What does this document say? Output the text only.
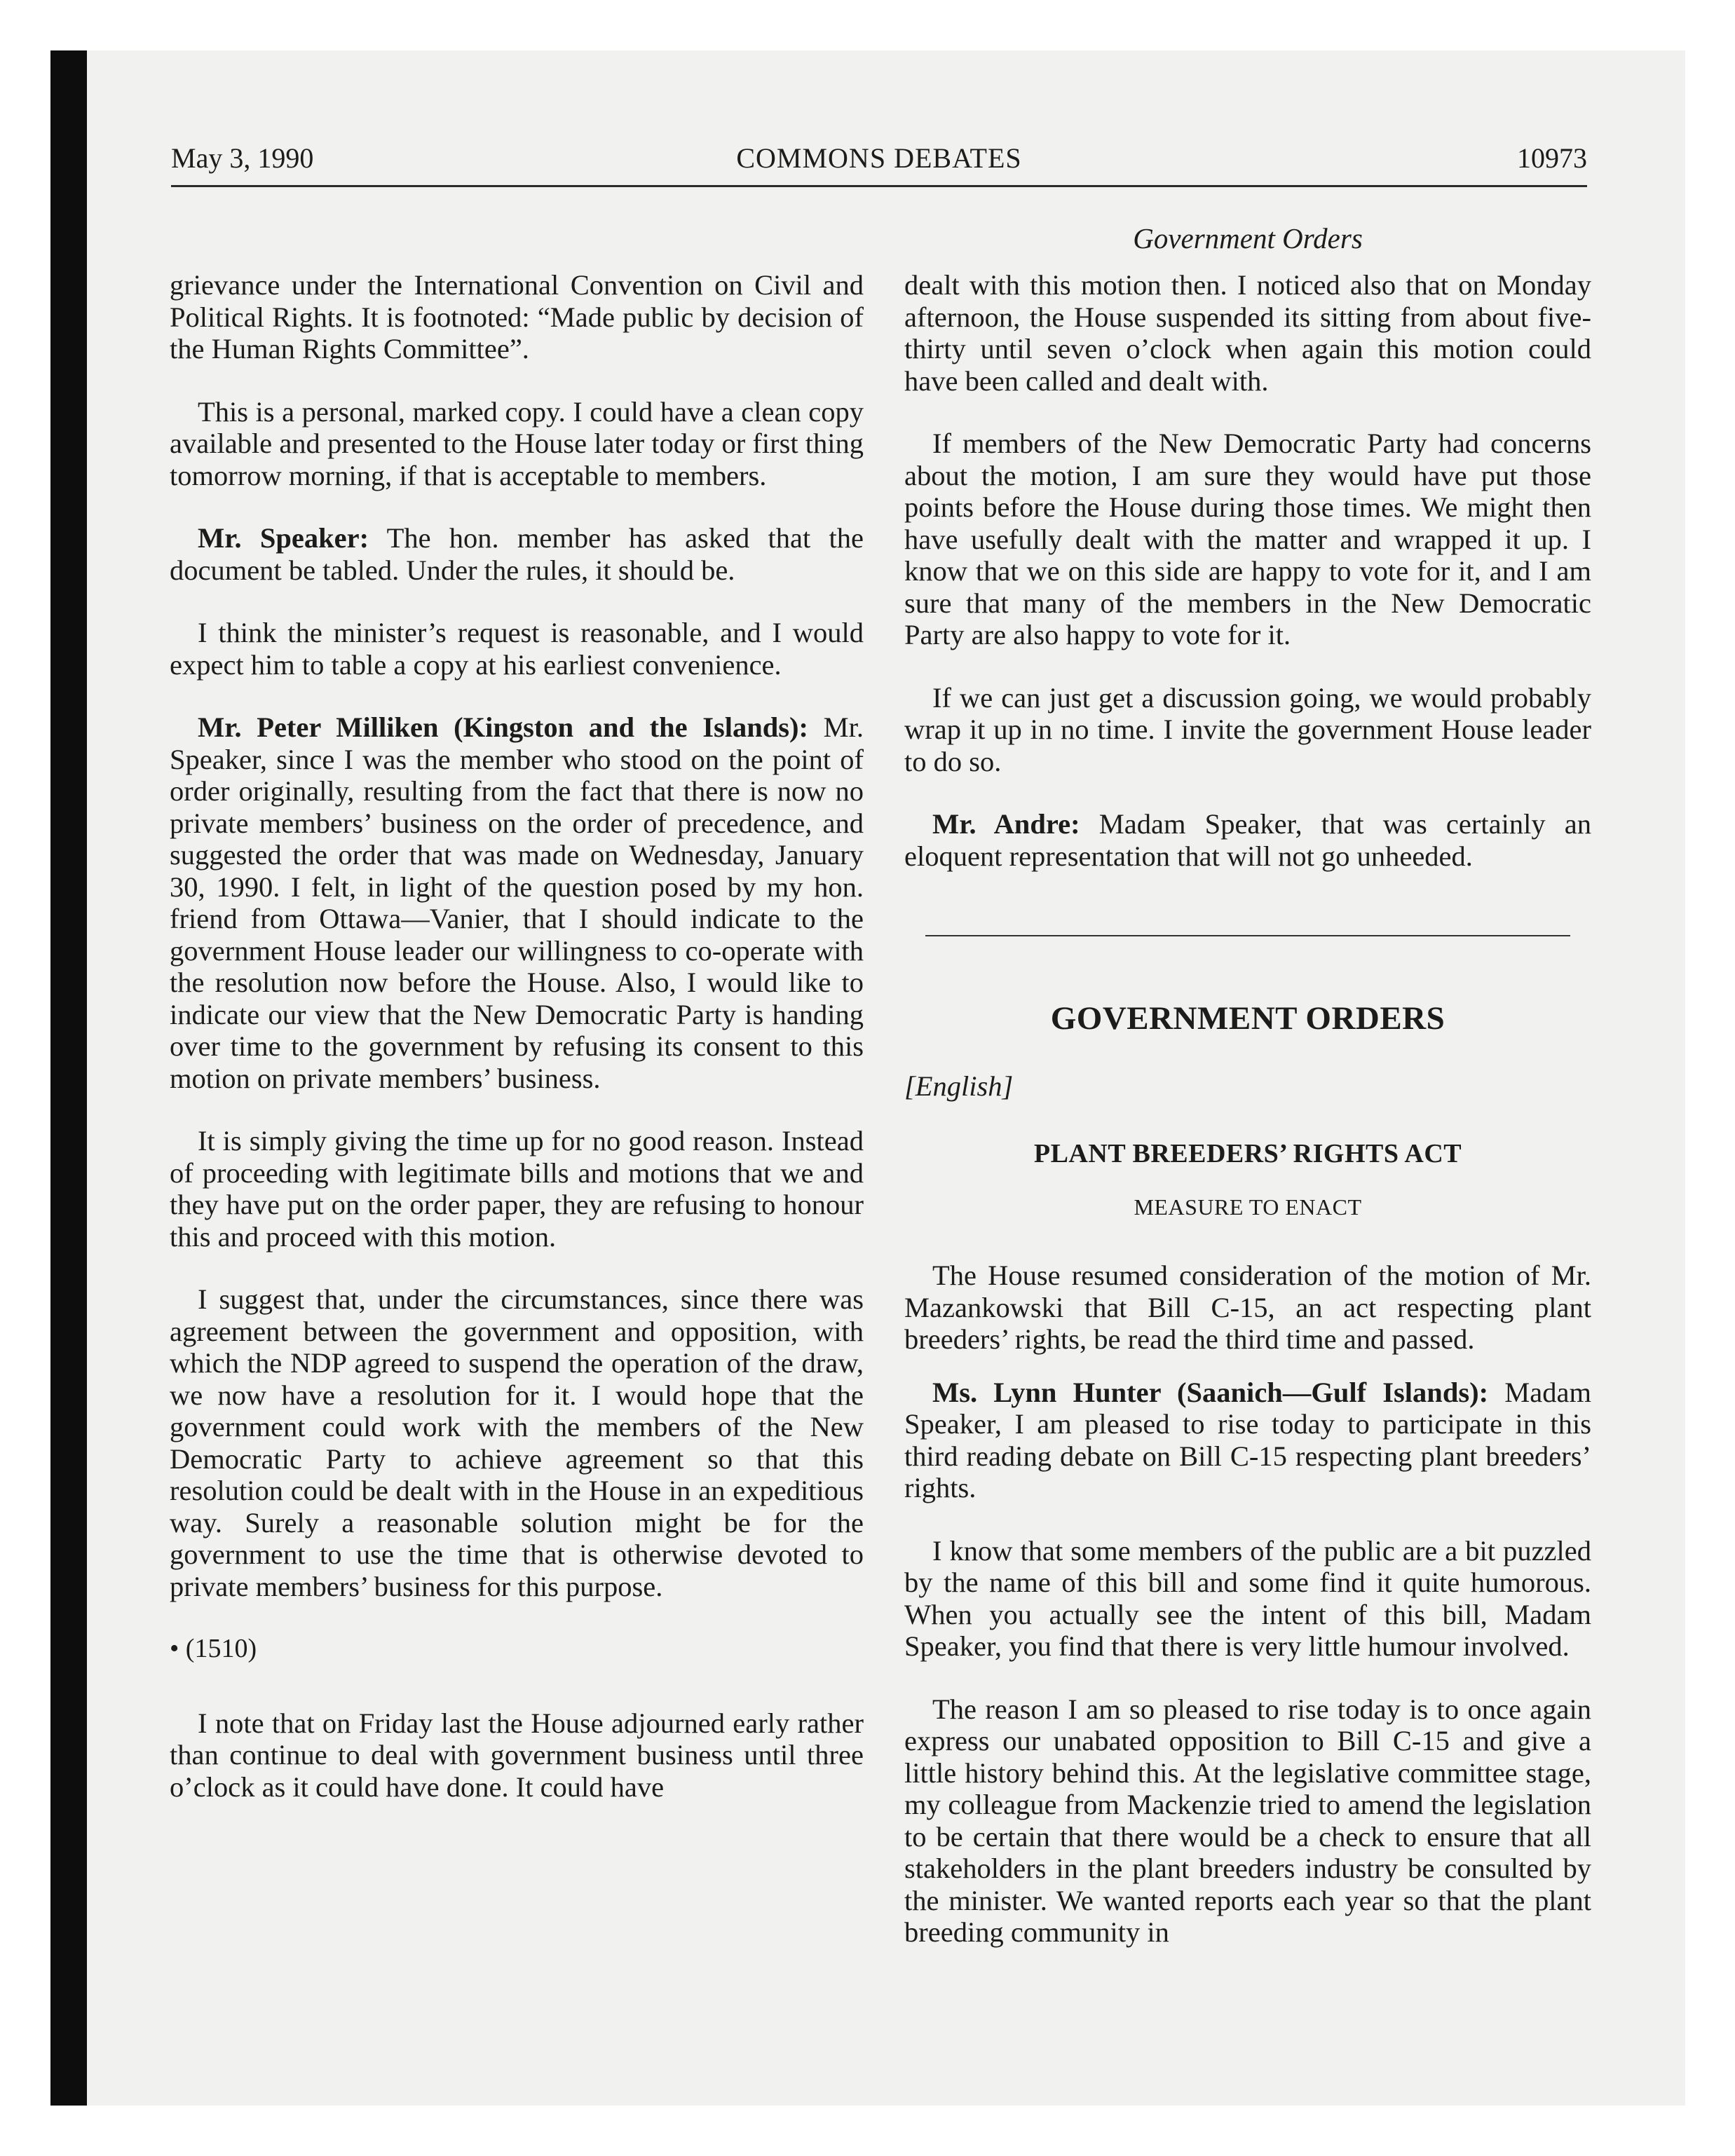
May 3, 1990	COMMONS DEBATES	10973
Government Orders

grievance under the International Convention on Civil and Political Rights. It is footnoted: “Made public by decision of the Human Rights Committee”.

This is a personal, marked copy. I could have a clean copy available and presented to the House later today or first thing tomorrow morning, if that is acceptable to members.

Mr. Speaker: The hon. member has asked that the document be tabled. Under the rules, it should be.

I think the minister’s request is reasonable, and I would expect him to table a copy at his earliest convenience.

Mr. Peter Milliken (Kingston and the Islands): Mr. Speaker, since I was the member who stood on the point of order originally, resulting from the fact that there is now no private members’ business on the order of precedence, and suggested the order that was made on Wednesday, January 30, 1990. I felt, in light of the question posed by my hon. friend from Ottawa—Vanier, that I should indicate to the government House leader our willingness to co-operate with the resolution now before the House. Also, I would like to indicate our view that the New Democratic Party is handing over time to the government by refusing its consent to this motion on private members’ business.

It is simply giving the time up for no good reason. Instead of proceeding with legitimate bills and motions that we and they have put on the order paper, they are refusing to honour this and proceed with this motion.

I suggest that, under the circumstances, since there was agreement between the government and opposition, with which the NDP agreed to suspend the operation of the draw, we now have a resolution for it. I would hope that the government could work with the members of the New Democratic Party to achieve agreement so that this resolution could be dealt with in the House in an expeditious way. Surely a reasonable solution might be for the government to use the time that is otherwise devoted to private members’ business for this purpose.

• (1510)

I note that on Friday last the House adjourned early rather than continue to deal with government business until three o’clock as it could have done. It could have

dealt with this motion then. I noticed also that on Monday afternoon, the House suspended its sitting from about five-thirty until seven o’clock when again this motion could have been called and dealt with.

If members of the New Democratic Party had concerns about the motion, I am sure they would have put those points before the House during those times. We might then have usefully dealt with the matter and wrapped it up. I know that we on this side are happy to vote for it, and I am sure that many of the members in the New Democratic Party are also happy to vote for it.

If we can just get a discussion going, we would probably wrap it up in no time. I invite the government House leader to do so.

Mr. Andre: Madam Speaker, that was certainly an eloquent representation that will not go unheeded.

GOVERNMENT ORDERS
[English]
PLANT BREEDERS’ RIGHTS ACT
MEASURE TO ENACT

The House resumed consideration of the motion of Mr. Mazankowski that Bill C-15, an act respecting plant breeders’ rights, be read the third time and passed.

Ms. Lynn Hunter (Saanich—Gulf Islands): Madam Speaker, I am pleased to rise today to participate in this third reading debate on Bill C-15 respecting plant breeders’ rights.

I know that some members of the public are a bit puzzled by the name of this bill and some find it quite humorous. When you actually see the intent of this bill, Madam Speaker, you find that there is very little humour involved.

The reason I am so pleased to rise today is to once again express our unabated opposition to Bill C-15 and give a little history behind this. At the legislative committee stage, my colleague from Mackenzie tried to amend the legislation to be certain that there would be a check to ensure that all stakeholders in the plant breeders industry be consulted by the minister. We wanted reports each year so that the plant breeding community in
